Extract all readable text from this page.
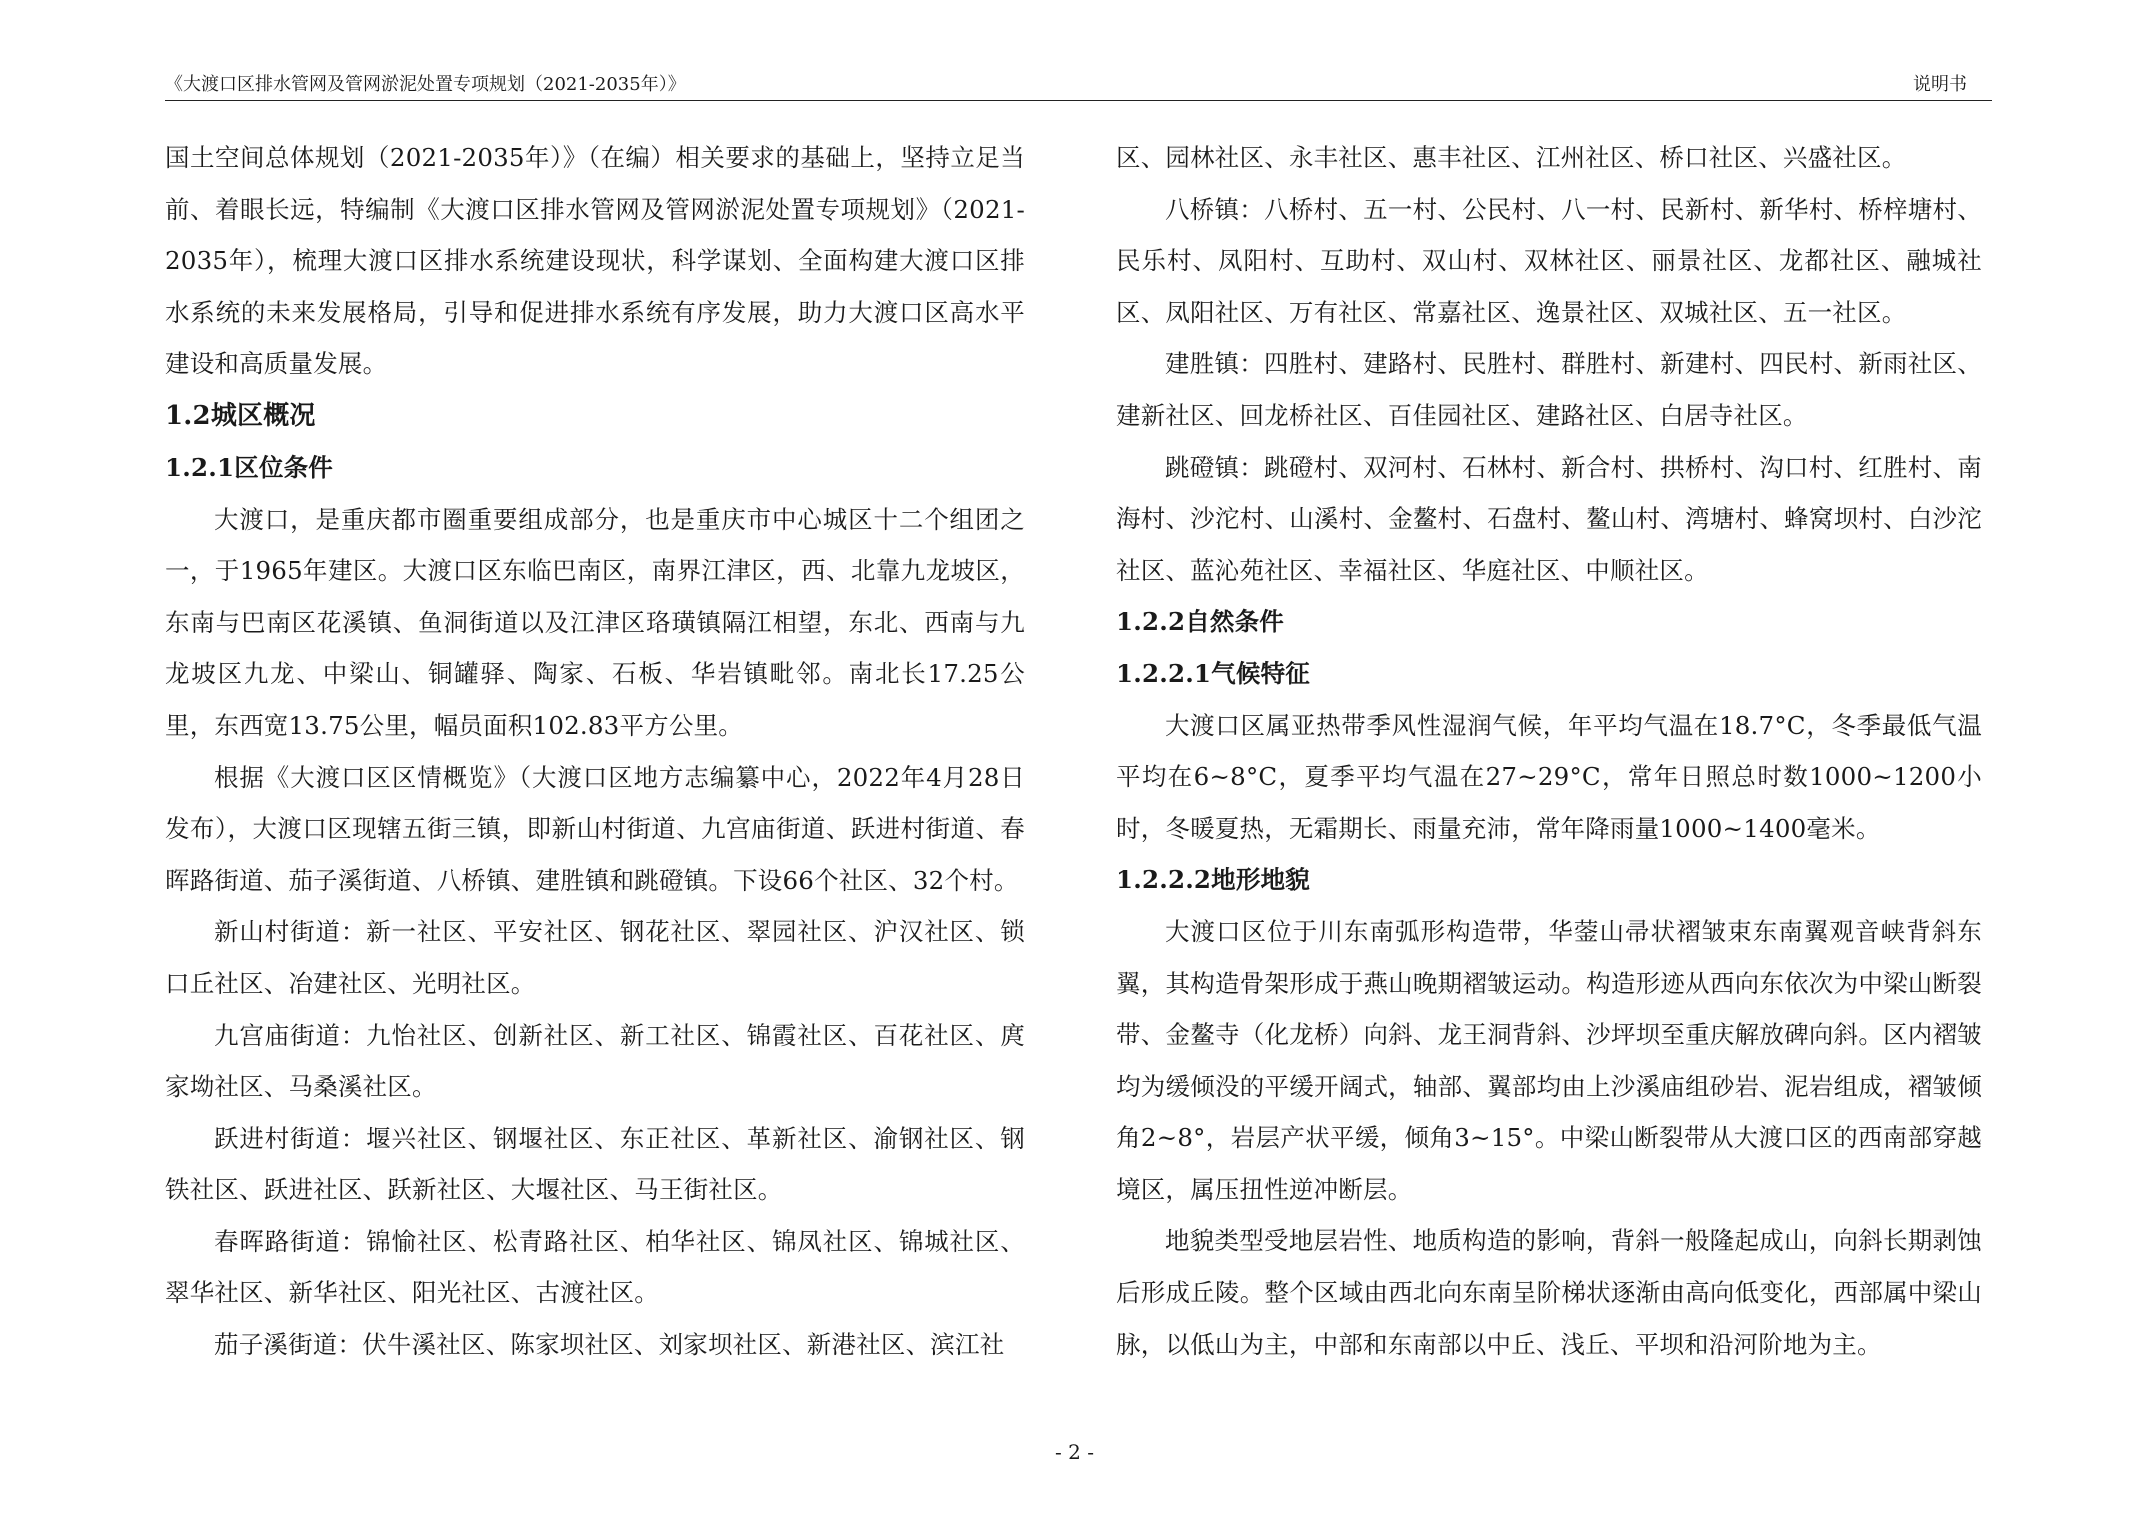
《大渡口区排水管网及管网淤泥处置专项规划（2021-2035年）》	说明书

国土空间总体规划（2021-2035年）》（在编）相关要求的基础上，坚持立足当前、着眼长远，特编制《大渡口区排水管网及管网淤泥处置专项规划》（2021-2035年），梳理大渡口区排水系统建设现状，科学谋划、全面构建大渡口区排水系统的未来发展格局，引导和促进排水系统有序发展，助力大渡口区高水平建设和高质量发展。

1.2城区概况
1.2.1区位条件

大渡口，是重庆都市圈重要组成部分，也是重庆市中心城区十二个组团之一，于1965年建区。大渡口区东临巴南区，南界江津区，西、北靠九龙坡区，东南与巴南区花溪镇、鱼洞街道以及江津区珞璜镇隔江相望，东北、西南与九龙坡区九龙、中梁山、铜罐驿、陶家、石板、华岩镇毗邻。南北长17.25公里，东西宽13.75公里，幅员面积102.83平方公里。

根据《大渡口区区情概览》（大渡口区地方志编纂中心，2022年4月28日发布），大渡口区现辖五街三镇，即新山村街道、九宫庙街道、跃进村街道、春晖路街道、茄子溪街道、八桥镇、建胜镇和跳磴镇。下设66个社区、32个村。

新山村街道：新一社区、平安社区、钢花社区、翠园社区、沪汉社区、锁口丘社区、冶建社区、光明社区。

九宫庙街道：九怡社区、创新社区、新工社区、锦霞社区、百花社区、庹家坳社区、马桑溪社区。

跃进村街道：堰兴社区、钢堰社区、东正社区、革新社区、渝钢社区、钢铁社区、跃进社区、跃新社区、大堰社区、马王街社区。

春晖路街道：锦愉社区、松青路社区、柏华社区、锦凤社区、锦城社区、翠华社区、新华社区、阳光社区、古渡社区。

茄子溪街道：伏牛溪社区、陈家坝社区、刘家坝社区、新港社区、滨江社

区、园林社区、永丰社区、惠丰社区、江州社区、桥口社区、兴盛社区。

八桥镇：八桥村、五一村、公民村、八一村、民新村、新华村、桥梓塘村、民乐村、凤阳村、互助村、双山村、双林社区、丽景社区、龙都社区、融城社区、凤阳社区、万有社区、常嘉社区、逸景社区、双城社区、五一社区。

建胜镇：四胜村、建路村、民胜村、群胜村、新建村、四民村、新雨社区、建新社区、回龙桥社区、百佳园社区、建路社区、白居寺社区。

跳磴镇：跳磴村、双河村、石林村、新合村、拱桥村、沟口村、红胜村、南海村、沙沱村、山溪村、金鳌村、石盘村、鳌山村、湾塘村、蜂窝坝村、白沙沱社区、蓝沁苑社区、幸福社区、华庭社区、中顺社区。

1.2.2自然条件
1.2.2.1气候特征

大渡口区属亚热带季风性湿润气候，年平均气温在18.7°C，冬季最低气温平均在6~8°C，夏季平均气温在27~29°C，常年日照总时数1000~1200小时，冬暖夏热，无霜期长、雨量充沛，常年降雨量1000~1400毫米。

1.2.2.2地形地貌

大渡口区位于川东南弧形构造带，华蓥山帚状褶皱束东南翼观音峡背斜东翼，其构造骨架形成于燕山晚期褶皱运动。构造形迹从西向东依次为中梁山断裂带、金鳌寺（化龙桥）向斜、龙王洞背斜、沙坪坝至重庆解放碑向斜。区内褶皱均为缓倾没的平缓开阔式，轴部、翼部均由上沙溪庙组砂岩、泥岩组成，褶皱倾角2~8°，岩层产状平缓，倾角3~15°。中梁山断裂带从大渡口区的西南部穿越境区，属压扭性逆冲断层。

地貌类型受地层岩性、地质构造的影响，背斜一般隆起成山，向斜长期剥蚀后形成丘陵。整个区域由西北向东南呈阶梯状逐渐由高向低变化，西部属中梁山脉，以低山为主，中部和东南部以中丘、浅丘、平坝和沿河阶地为主。

- 2 -
